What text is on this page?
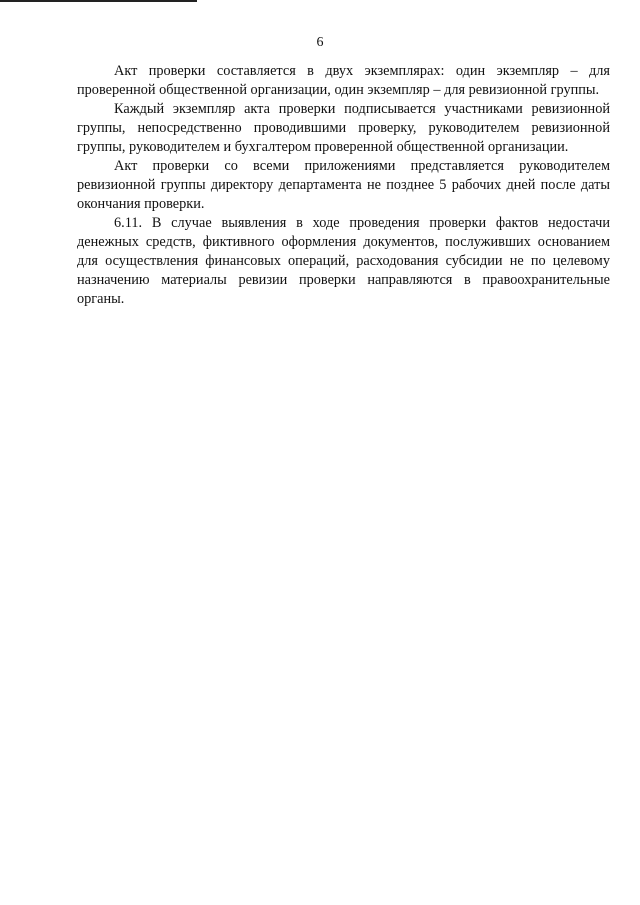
6

Акт проверки составляется в двух экземплярах: один экземпляр – для проверенной общественной организации, один экземпляр – для ревизионной группы.

Каждый экземпляр акта проверки подписывается участниками ревизионной группы, непосредственно проводившими проверку, руководителем ревизионной группы, руководителем и бухгалтером проверенной общественной организации.

Акт проверки со всеми приложениями представляется руководителем ревизионной группы директору департамента не позднее 5 рабочих дней после даты окончания проверки.

6.11. В случае выявления в ходе проведения проверки фактов недостачи денежных средств, фиктивного оформления документов, послуживших основанием для осуществления финансовых операций, расходования субсидии не по целевому назначению материалы ревизии проверки направляются в правоохранительные органы.
